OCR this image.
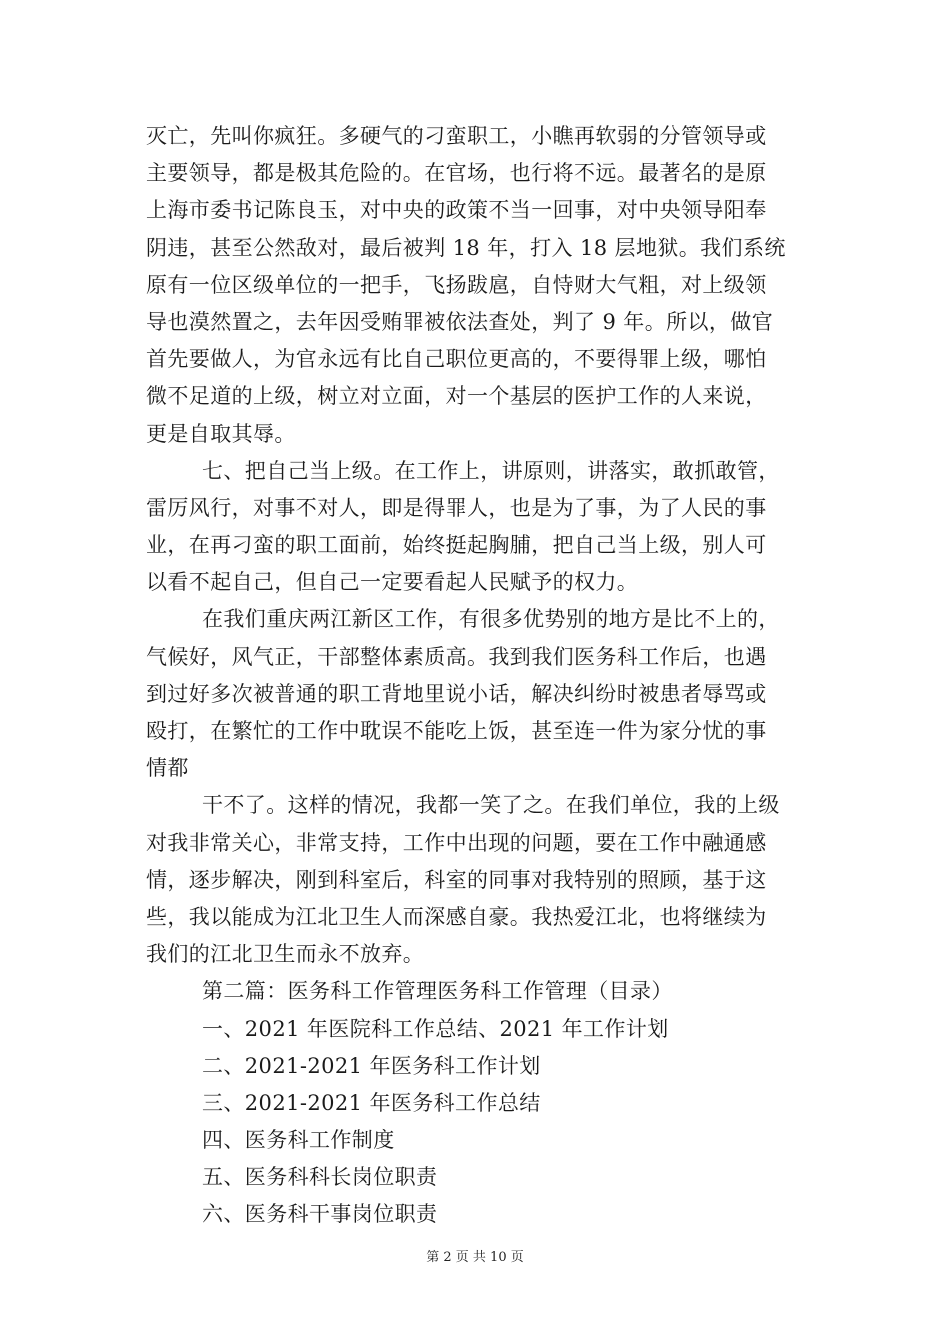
灭亡，先叫你疯狂。多硬气的刁蛮职工，小瞧再软弱的分管领导或
主要领导，都是极其危险的。在官场，也行将不远。最著名的是原
上海市委书记陈良玉，对中央的政策不当一回事，对中央领导阳奉
阴违，甚至公然敌对，最后被判 18 年，打入 18 层地狱。我们系统
原有一位区级单位的一把手，飞扬跋扈，自恃财大气粗，对上级领
导也漠然置之，去年因受贿罪被依法查处，判了 9 年。所以，做官
首先要做人，为官永远有比自己职位更高的，不要得罪上级，哪怕
微不足道的上级，树立对立面，对一个基层的医护工作的人来说，
更是自取其辱。
七、把自己当上级。在工作上，讲原则，讲落实，敢抓敢管，
雷厉风行，对事不对人，即是得罪人，也是为了事，为了人民的事
业，在再刁蛮的职工面前，始终挺起胸脯，把自己当上级，别人可
以看不起自己，但自己一定要看起人民赋予的权力。
在我们重庆两江新区工作，有很多优势别的地方是比不上的，
气候好，风气正，干部整体素质高。我到我们医务科工作后，也遇
到过好多次被普通的职工背地里说小话，解决纠纷时被患者辱骂或
殴打，在繁忙的工作中耽误不能吃上饭，甚至连一件为家分忧的事
情都
干不了。这样的情况，我都一笑了之。在我们单位，我的上级
对我非常关心，非常支持，工作中出现的问题，要在工作中融通感
情，逐步解决，刚到科室后，科室的同事对我特别的照顾，基于这
些，我以能成为江北卫生人而深感自豪。我热爱江北，也将继续为
我们的江北卫生而永不放弃。
第二篇：医务科工作管理医务科工作管理（目录）
一、2021 年医院科工作总结、2021 年工作计划
二、2021-2021 年医务科工作计划
三、2021-2021 年医务科工作总结
四、医务科工作制度
五、医务科科长岗位职责
六、医务科干事岗位职责
第 2 页 共 10 页
